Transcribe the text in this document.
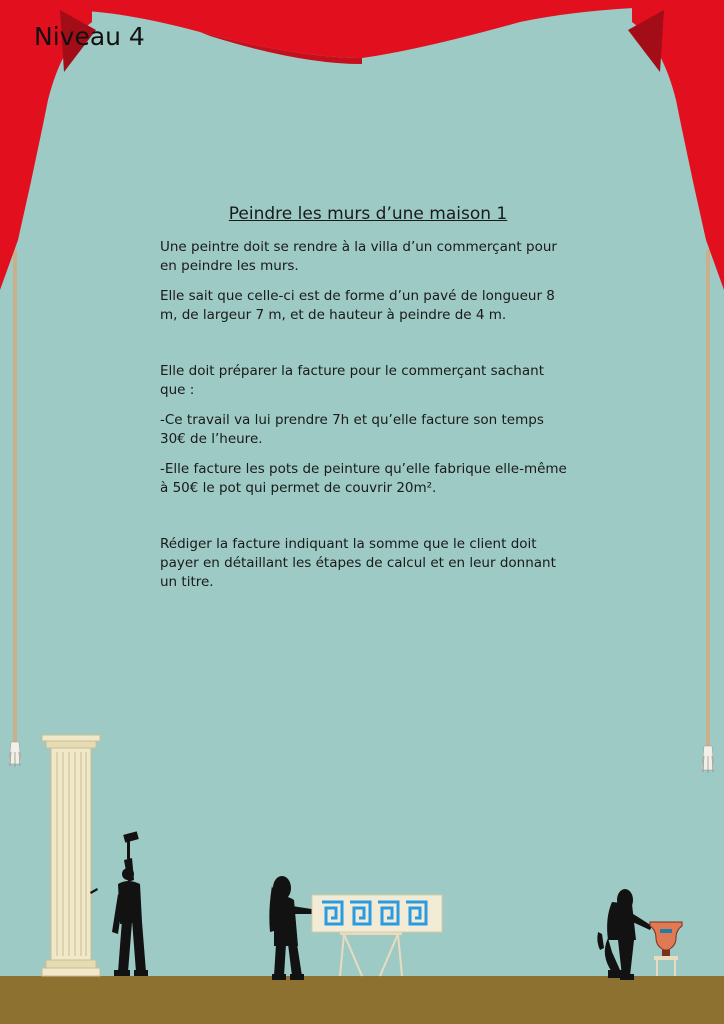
Niveau 4
Peindre les murs d’une maison 1

Une peintre doit se rendre à la villa d’un commerçant pour en peindre les murs.

Elle sait que celle-ci est de forme d’un pavé de longueur 8 m, de largeur 7 m, et de hauteur à peindre de 4 m.

Elle doit préparer la facture pour le commerçant sachant que :

-Ce travail va lui prendre 7h et qu’elle facture son temps 30€ de l’heure.

-Elle facture les pots de peinture qu’elle fabrique elle-même à 50€ le pot qui permet de couvrir 20m².

Rédiger la facture indiquant la somme que le client doit payer en détaillant les étapes de calcul et en leur donnant un titre.
